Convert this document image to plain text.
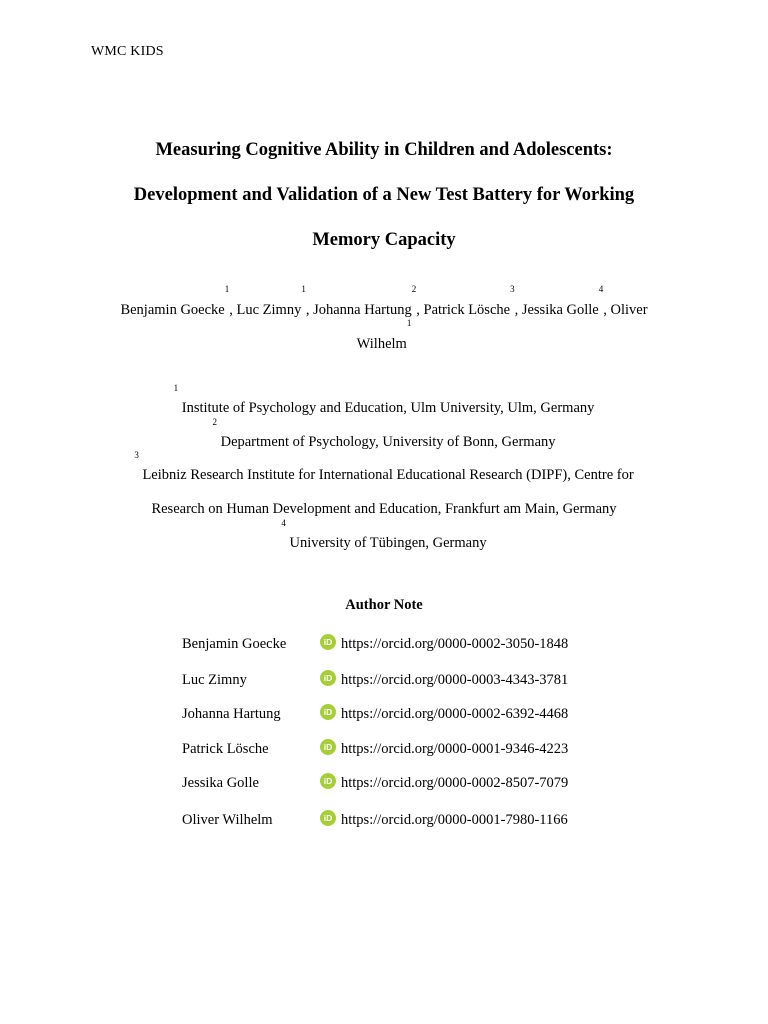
WMC KIDS
Measuring Cognitive Ability in Children and Adolescents:
Development and Validation of a New Test Battery for Working
Memory Capacity
Benjamin Goecke$^1$, Luc Zimny$^1$, Johanna Hartung$^2$, Patrick Lösche$^3$, Jessika Golle$^4$, Oliver
Wilhelm$^1$
$^1$ Institute of Psychology and Education, Ulm University, Ulm, Germany
$^2$ Department of Psychology, University of Bonn, Germany
$^3$ Leibniz Research Institute for International Educational Research (DIPF), Centre for
Research on Human Development and Education, Frankfurt am Main, Germany
$^4$ University of Tübingen, Germany
Author Note
Benjamin Goecke	iD https://orcid.org/0000-0002-3050-1848
Luc Zimny	iD https://orcid.org/0000-0003-4343-3781
Johanna Hartung	iD https://orcid.org/0000-0002-6392-4468
Patrick Lösche	iD https://orcid.org/0000-0001-9346-4223
Jessika Golle	iD https://orcid.org/0000-0002-8507-7079
Oliver Wilhelm	iD https://orcid.org/0000-0001-7980-1166
